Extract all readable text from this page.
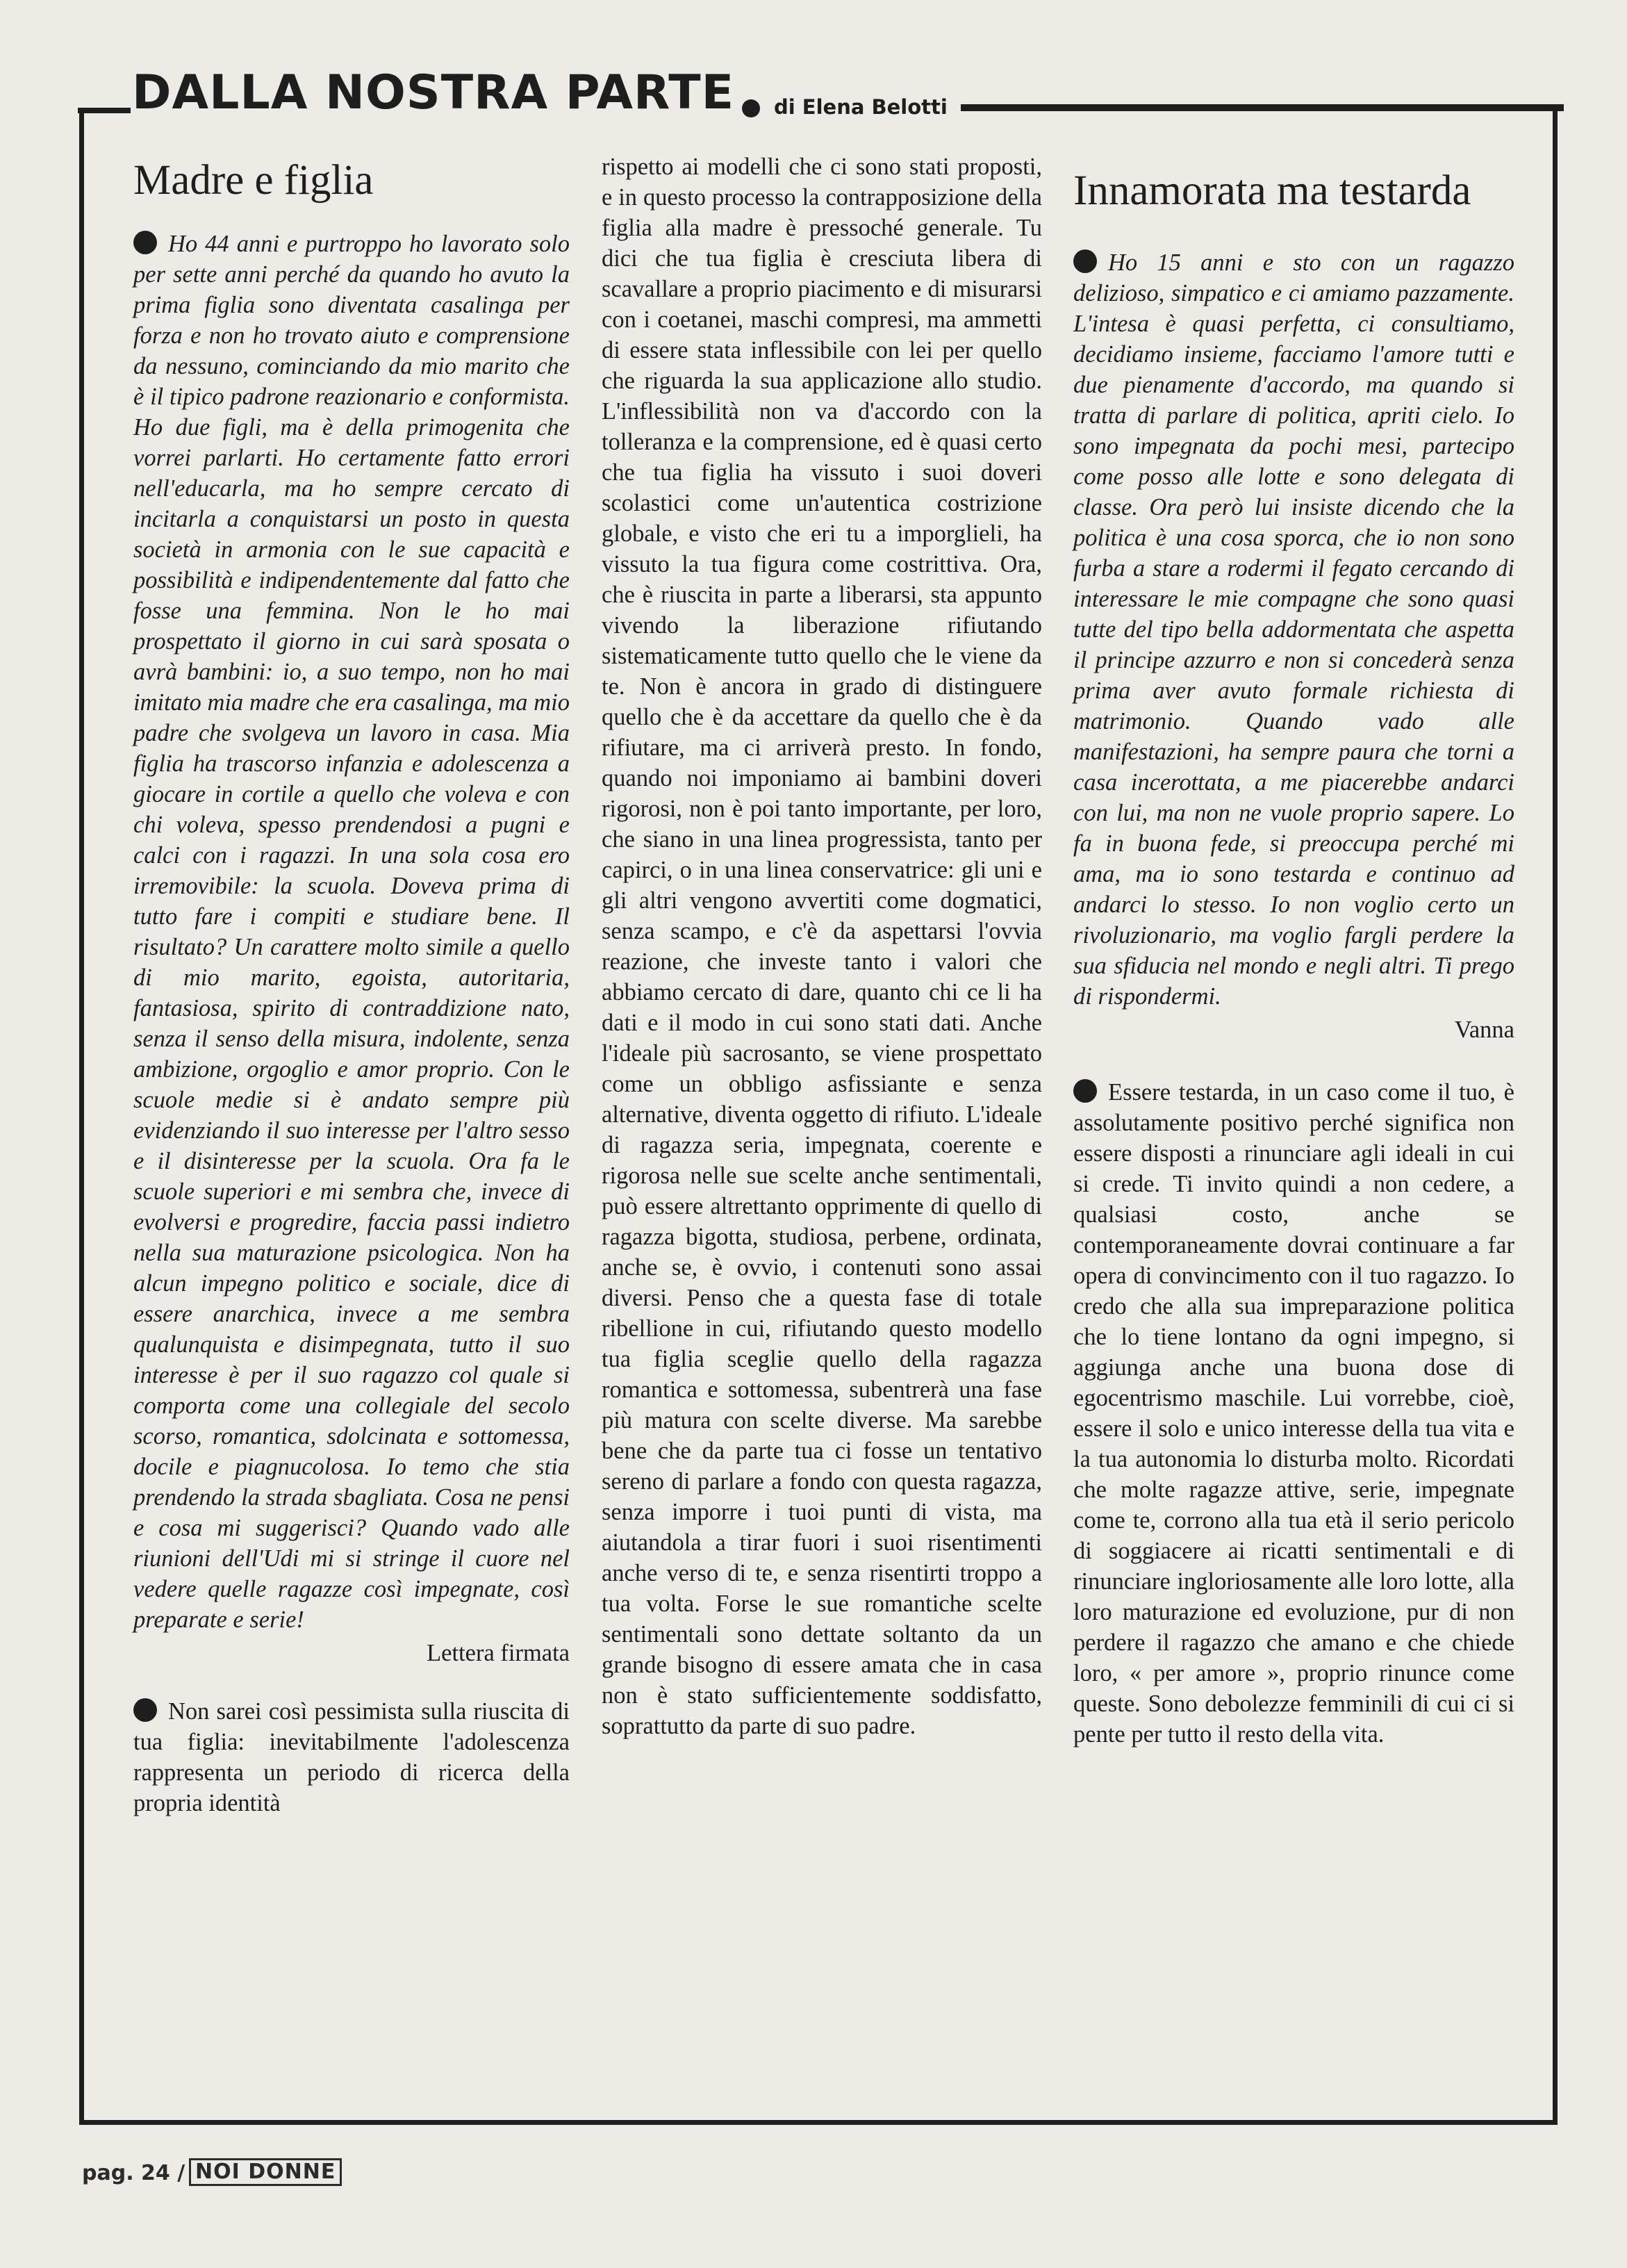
DALLA NOSTRA PARTE di Elena Belotti
Madre e figlia

Ho 44 anni e purtroppo ho lavorato solo per sette anni perché da quando ho avuto la prima figlia sono diventata casalinga per forza e non ho trovato aiuto e comprensione da nessuno, cominciando da mio marito che è il tipico padrone reazionario e conformista. Ho due figli, ma è della primogenita che vorrei parlarti. Ho certamente fatto errori nell'educarla, ma ho sempre cercato di incitarla a conquistarsi un posto in questa società in armonia con le sue capacità e possibilità e indipendentemente dal fatto che fosse una femmina. Non le ho mai prospettato il giorno in cui sarà sposata o avrà bambini: io, a suo tempo, non ho mai imitato mia madre che era casalinga, ma mio padre che svolgeva un lavoro in casa. Mia figlia ha trascorso infanzia e adolescenza a giocare in cortile a quello che voleva e con chi voleva, spesso prendendosi a pugni e calci con i ragazzi. In una sola cosa ero irremovibile: la scuola. Doveva prima di tutto fare i compiti e studiare bene. Il risultato? Un carattere molto simile a quello di mio marito, egoista, autoritaria, fantasiosa, spirito di contraddizione nato, senza il senso della misura, indolente, senza ambizione, orgoglio e amor proprio. Con le scuole medie si è andato sempre più evidenziando il suo interesse per l'altro sesso e il disinteresse per la scuola. Ora fa le scuole superiori e mi sembra che, invece di evolversi e progredire, faccia passi indietro nella sua maturazione psicologica. Non ha alcun impegno politico e sociale, dice di essere anarchica, invece a me sembra qualunquista e disimpegnata, tutto il suo interesse è per il suo ragazzo col quale si comporta come una collegiale del secolo scorso, romantica, sdolcinata e sottomessa, docile e piagnucolosa. Io temo che stia prendendo la strada sbagliata. Cosa ne pensi e cosa mi suggerisci? Quando vado alle riunioni dell'Udi mi si stringe il cuore nel vedere quelle ragazze così impegnate, così preparate e serie!

Lettera firmata

Non sarei così pessimista sulla riuscita di tua figlia: inevitabilmente l'adolescenza rappresenta un periodo di ricerca della propria identità

rispetto ai modelli che ci sono stati proposti, e in questo processo la contrapposizione della figlia alla madre è pressoché generale. Tu dici che tua figlia è cresciuta libera di scavallare a proprio piacimento e di misurarsi con i coetanei, maschi compresi, ma ammetti di essere stata inflessibile con lei per quello che riguarda la sua applicazione allo studio. L'inflessibilità non va d'accordo con la tolleranza e la comprensione, ed è quasi certo che tua figlia ha vissuto i suoi doveri scolastici come un'autentica costrizione globale, e visto che eri tu a imporglieli, ha vissuto la tua figura come costrittiva. Ora, che è riuscita in parte a liberarsi, sta appunto vivendo la liberazione rifiutando sistematicamente tutto quello che le viene da te. Non è ancora in grado di distinguere quello che è da accettare da quello che è da rifiutare, ma ci arriverà presto. In fondo, quando noi imponiamo ai bambini doveri rigorosi, non è poi tanto importante, per loro, che siano in una linea progressista, tanto per capirci, o in una linea conservatrice: gli uni e gli altri vengono avvertiti come dogmatici, senza scampo, e c'è da aspettarsi l'ovvia reazione, che investe tanto i valori che abbiamo cercato di dare, quanto chi ce li ha dati e il modo in cui sono stati dati. Anche l'ideale più sacrosanto, se viene prospettato come un obbligo asfissiante e senza alternative, diventa oggetto di rifiuto. L'ideale di ragazza seria, impegnata, coerente e rigorosa nelle sue scelte anche sentimentali, può essere altrettanto opprimente di quello di ragazza bigotta, studiosa, perbene, ordinata, anche se, è ovvio, i contenuti sono assai diversi. Penso che a questa fase di totale ribellione in cui, rifiutando questo modello tua figlia sceglie quello della ragazza romantica e sottomessa, subentrerà una fase più matura con scelte diverse. Ma sarebbe bene che da parte tua ci fosse un tentativo sereno di parlare a fondo con questa ragazza, senza imporre i tuoi punti di vista, ma aiutandola a tirar fuori i suoi risentimenti anche verso di te, e senza risentirti troppo a tua volta. Forse le sue romantiche scelte sentimentali sono dettate soltanto da un grande bisogno di essere amata che in casa non è stato sufficientemente soddisfatto, soprattutto da parte di suo padre.

Innamorata ma testarda

Ho 15 anni e sto con un ragazzo delizioso, simpatico e ci amiamo pazzamente. L'intesa è quasi perfetta, ci consultiamo, decidiamo insieme, facciamo l'amore tutti e due pienamente d'accordo, ma quando si tratta di parlare di politica, apriti cielo. Io sono impegnata da pochi mesi, partecipo come posso alle lotte e sono delegata di classe. Ora però lui insiste dicendo che la politica è una cosa sporca, che io non sono furba a stare a rodermi il fegato cercando di interessare le mie compagne che sono quasi tutte del tipo bella addormentata che aspetta il principe azzurro e non si concederà senza prima aver avuto formale richiesta di matrimonio. Quando vado alle manifestazioni, ha sempre paura che torni a casa incerottata, a me piacerebbe andarci con lui, ma non ne vuole proprio sapere. Lo fa in buona fede, si preoccupa perché mi ama, ma io sono testarda e continuo ad andarci lo stesso. Io non voglio certo un rivoluzionario, ma voglio fargli perdere la sua sfiducia nel mondo e negli altri. Ti prego di rispondermi.

Vanna

Essere testarda, in un caso come il tuo, è assolutamente positivo perché significa non essere disposti a rinunciare agli ideali in cui si crede. Ti invito quindi a non cedere, a qualsiasi costo, anche se contemporaneamente dovrai continuare a far opera di convincimento con il tuo ragazzo. Io credo che alla sua impreparazione politica che lo tiene lontano da ogni impegno, si aggiunga anche una buona dose di egocentrismo maschile. Lui vorrebbe, cioè, essere il solo e unico interesse della tua vita e la tua autonomia lo disturba molto. Ricordati che molte ragazze attive, serie, impegnate come te, corrono alla tua età il serio pericolo di soggiacere ai ricatti sentimentali e di rinunciare ingloriosamente alle loro lotte, alla loro maturazione ed evoluzione, pur di non perdere il ragazzo che amano e che chiede loro, « per amore », proprio rinunce come queste. Sono debolezze femminili di cui ci si pente per tutto il resto della vita.

pag. 24 / NOI DONNE
